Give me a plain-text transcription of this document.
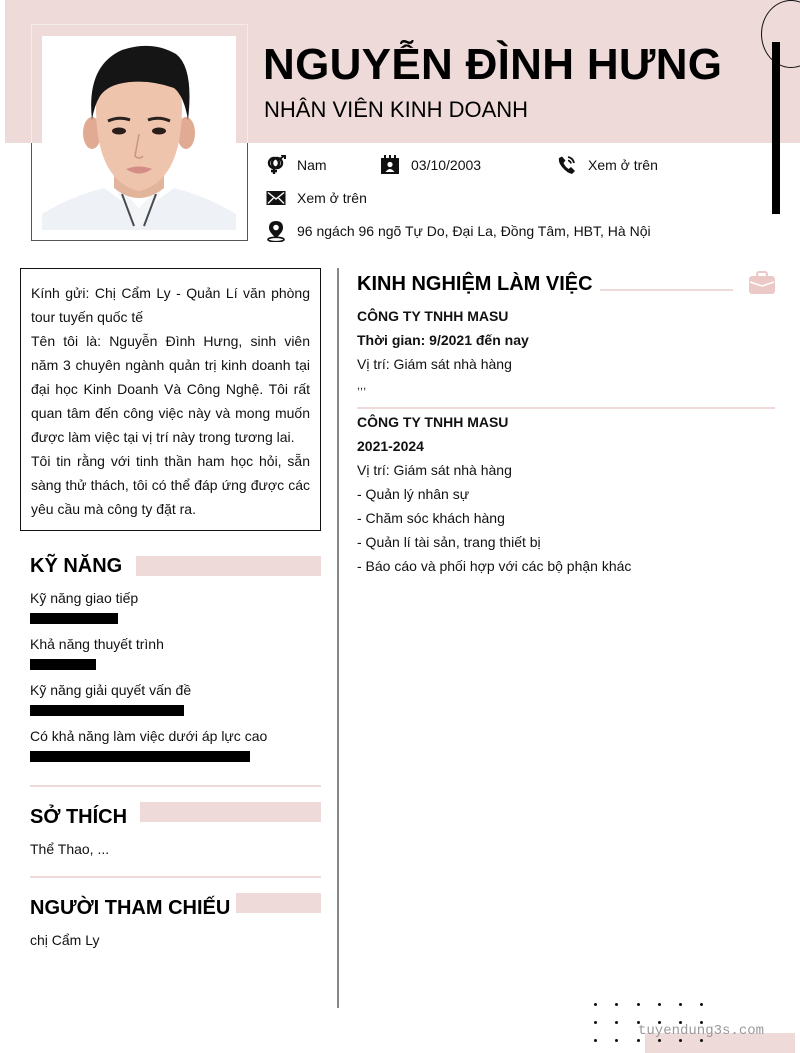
NGUYỄN ĐÌNH HƯNG
NHÂN VIÊN KINH DOANH
Nam	03/10/2003	Xem ở trên
Xem ở trên
96 ngách 96 ngõ Tự Do, Đại La, Đồng Tâm, HBT, Hà Nội

Kính gửi: Chị Cẩm Ly - Quản Lí văn phòng tour tuyến quốc tế

Tên tôi là: Nguyễn Đình Hưng, sinh viên năm 3 chuyên ngành quản trị kinh doanh tại đại học Kinh Doanh Và Công Nghệ. Tôi rất quan tâm đến công việc này và mong muốn được làm việc tại vị trí này trong tương lai.

Tôi tin rằng với tinh thần ham học hỏi, sẵn sàng thử thách, tôi có thể đáp ứng được các yêu cầu mà công ty đặt ra.

KỸ NĂNG
Kỹ năng giao tiếp
Khả năng thuyết trình
Kỹ năng giải quyết vấn đề
Có khả năng làm việc dưới áp lực cao
SỞ THÍCH
Thể Thao, ...
NGƯỜI THAM CHIẾU
chị Cẩm Ly
KINH NGHIỆM LÀM VIỆC
CÔNG TY TNHH MASU
Thời gian: 9/2021 đến nay
Vị trí: Giám sát nhà hàng
,,,
CÔNG TY TNHH MASU
2021-2024
Vị trí: Giám sát nhà hàng
- Quản lý nhân sự
- Chăm sóc khách hàng
- Quản lí tài sản, trang thiết bị
- Báo cáo và phối hợp với các bộ phận khác
tuyendung3s.com
